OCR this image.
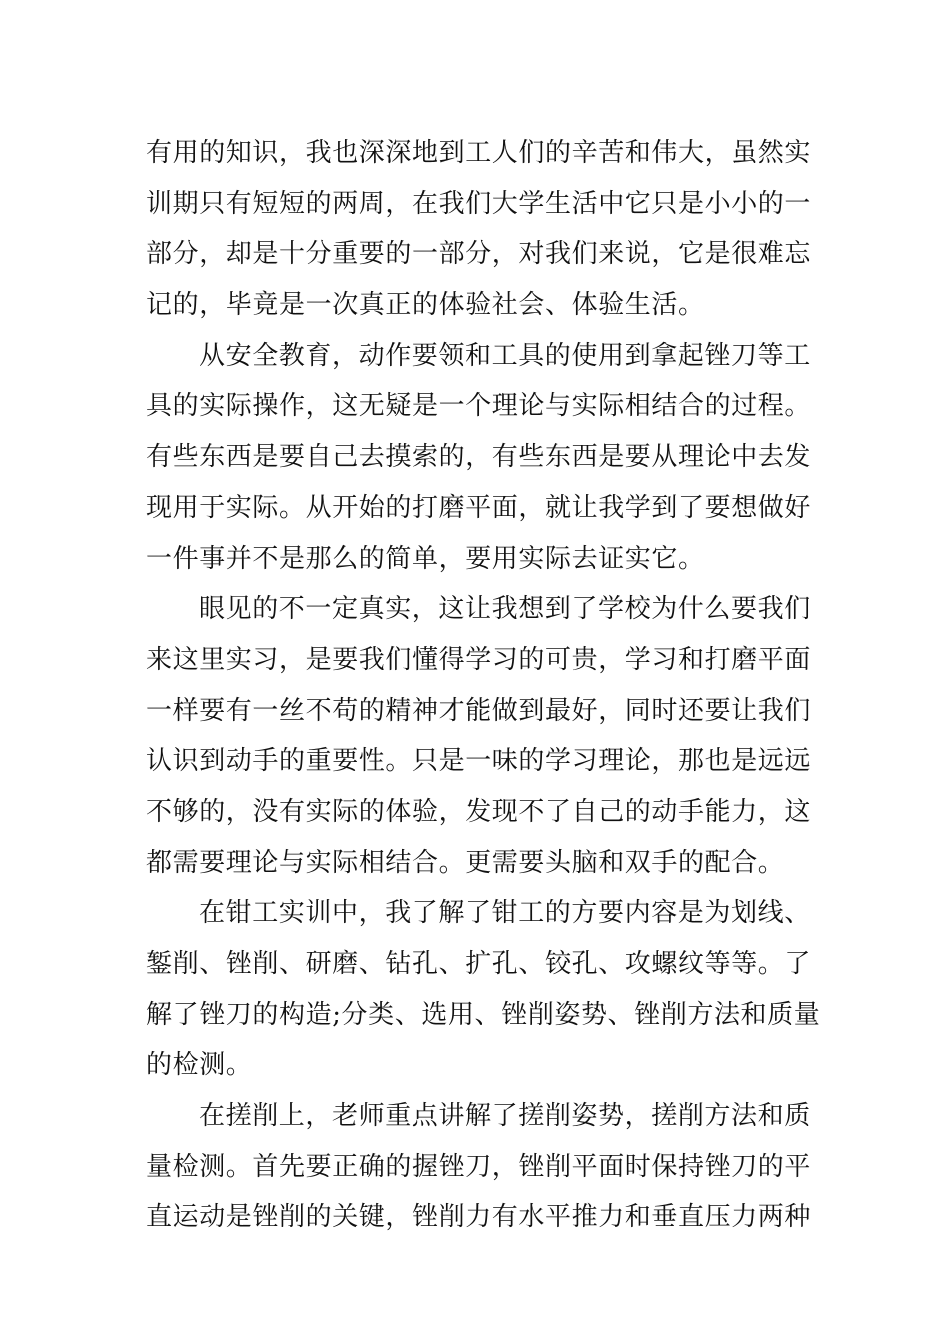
有用的知识，我也深深地到工人们的辛苦和伟大，虽然实
训期只有短短的两周，在我们大学生活中它只是小小的一
部分，却是十分重要的一部分，对我们来说，它是很难忘
记的，毕竟是一次真正的体验社会、体验生活。
从安全教育，动作要领和工具的使用到拿起锉刀等工
具的实际操作，这无疑是一个理论与实际相结合的过程。
有些东西是要自己去摸索的，有些东西是要从理论中去发
现用于实际。从开始的打磨平面，就让我学到了要想做好
一件事并不是那么的简单，要用实际去证实它。
眼见的不一定真实，这让我想到了学校为什么要我们
来这里实习，是要我们懂得学习的可贵，学习和打磨平面
一样要有一丝不苟的精神才能做到最好，同时还要让我们
认识到动手的重要性。只是一味的学习理论，那也是远远
不够的，没有实际的体验，发现不了自己的动手能力，这
都需要理论与实际相结合。更需要头脑和双手的配合。
在钳工实训中，我了解了钳工的方要内容是为划线、
錾削、锉削、研磨、钻孔、扩孔、铰孔、攻螺纹等等。了
解了锉刀的构造;分类、选用、锉削姿势、锉削方法和质量
的检测。
在搓削上，老师重点讲解了搓削姿势，搓削方法和质
量检测。首先要正确的握锉刀，锉削平面时保持锉刀的平
直运动是锉削的关键，锉削力有水平推力和垂直压力两种
